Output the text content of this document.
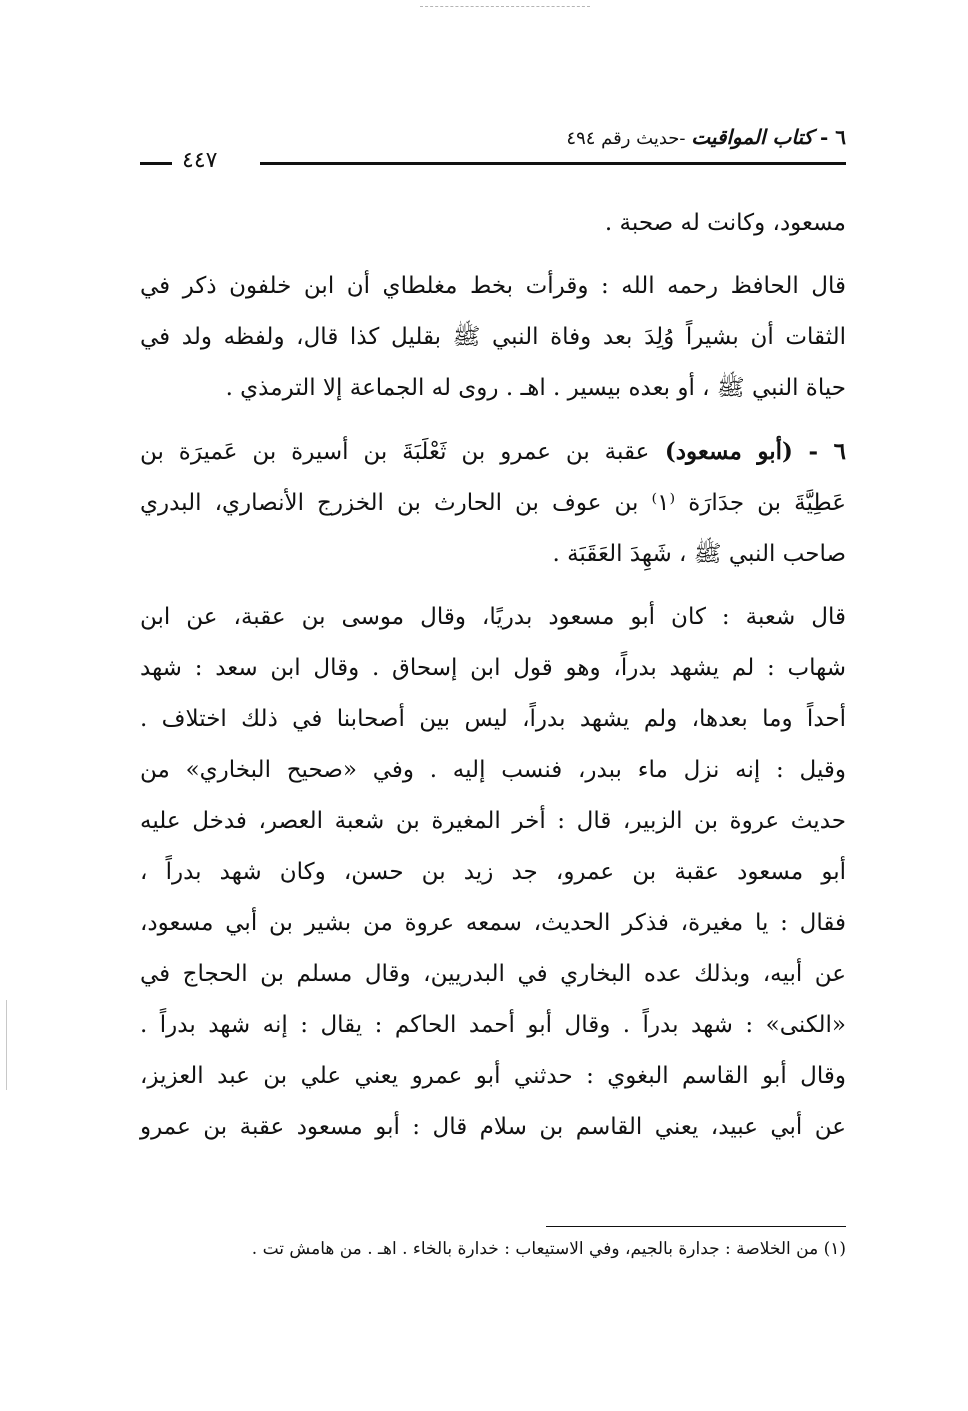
٦ - كتاب المواقيت -حديث رقم ٤٩٤
٤٤٧

مسعود، وكانت له صحبة .

قال الحافظ رحمه الله : وقرأت بخط مغلطاي أن ابن خلفون ذكر في
الثقات أن بشيراً وُلِدَ بعد وفاة النبي ﷺ بقليل كذا قال، ولفظه ولد في
حياة النبي ﷺ ، أو بعده بيسير . اهـ . روى له الجماعة إلا الترمذي .

٦ - (أبو مسعود) عقبة بن عمرو بن ثَعْلَبَةَ بن أسيرة بن عَميرَة بن
عَطِيَّةَ بن جدَارَة ⁽١⁾ بن عوف بن الحارث بن الخزرج الأنصاري، البدري
صاحب النبي ﷺ ، شَهِدَ العَقَبَة .

قال شعبة : كان أبو مسعود بدريًا، وقال موسى بن عقبة، عن ابن
شهاب : لم يشهد بدراً، وهو قول ابن إسحاق . وقال ابن سعد : شهد
أحداً وما بعدها، ولم يشهد بدراً، ليس بين أصحابنا في ذلك اختلاف .
وقيل : إنه نزل ماء ببدر، فنسب إليه . وفي «صحيح البخاري» من
حديث عروة بن الزبير، قال : أخر المغيرة بن شعبة العصر، فدخل عليه
أبو مسعود عقبة بن عمرو، جد زيد بن حسن، وكان شهد بدراً ،
فقال : يا مغيرة، فذكر الحديث، سمعه عروة من بشير بن أبي مسعود،
عن أبيه، وبذلك عده البخاري في البدريين، وقال مسلم بن الحجاج في
«الكنى» : شهد بدراً . وقال أبو أحمد الحاكم : يقال : إنه شهد بدراً .
وقال أبو القاسم البغوي : حدثني أبو عمرو يعني علي بن عبد العزيز،
عن أبي عبيد، يعني القاسم بن سلام قال : أبو مسعود عقبة بن عمرو

(١) من الخلاصة : جدارة بالجيم، وفي الاستيعاب : خدارة بالخاء . اهـ . من هامش تت .
